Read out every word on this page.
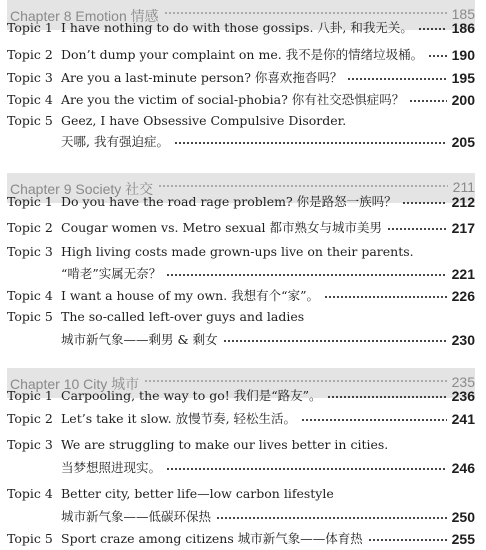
Chapter 8 Emotion 情感	185
Topic 1 I have nothing to do with those gossips. 八卦, 和我无关。	186
Topic 2 Don’t dump your complaint on me. 我不是你的情绪垃圾桶。 190
Topic 3 Are you a last-minute person? 你喜欢拖沓吗？	195
Topic 4 Are you the victim of social-phobia? 你有社交恐惧症吗？	200
Topic 5 Geez, I have Obsessive Compulsive Disorder.
天哪, 我有强迫症。	205
Chapter 9 Society 社交	211
Topic 1 Do you have the road rage problem? 你是路怒一族吗？	212
Topic 2 Cougar women vs. Metro sexual 都市熟女与城市美男	217
Topic 3 High living costs made grown-ups live on their parents.
“啃老”实属无奈？	221
Topic 4 I want a house of my own. 我想有个“家”。	226
Topic 5 The so-called left-over guys and ladies
城市新气象——剩男 & 剩女	230
Chapter 10 City 城市	235
Topic 1 Carpooling, the way to go! 我们是“路友”。	236
Topic 2 Let’s take it slow. 放慢节奏, 轻松生活。	241
Topic 3 We are struggling to make our lives better in cities.
当梦想照进现实。	246
Topic 4 Better city, better life—low carbon lifestyle
城市新气象——低碳环保热	250
Topic 5 Sport craze among citizens 城市新气象——体育热	255
